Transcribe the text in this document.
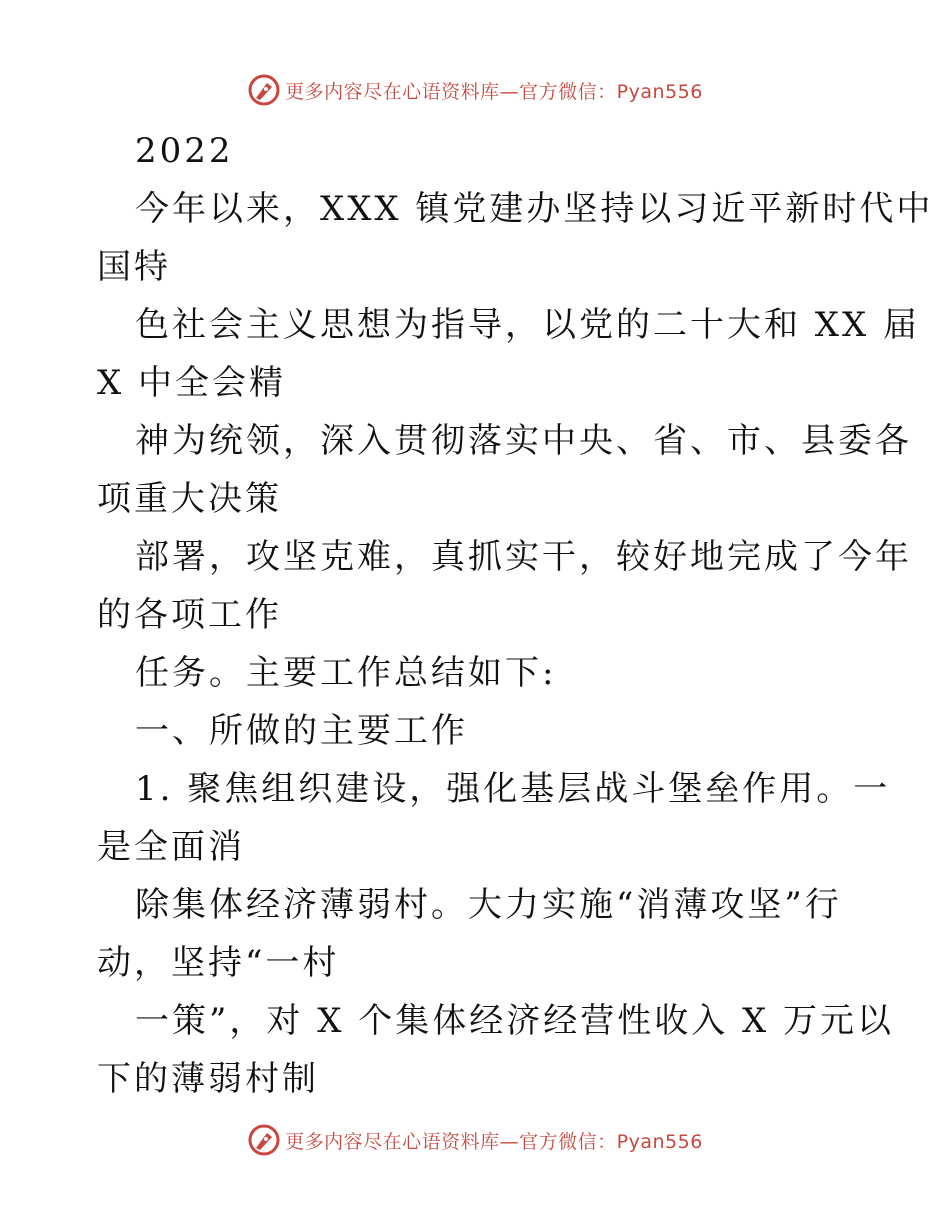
更多内容尽在心语资料库—官方微信：Pyan556
2022
今年以来，XXX 镇党建办坚持以习近平新时代中
国特
色社会主义思想为指导，以党的二十大和 XX 届
X 中全会精
神为统领，深入贯彻落实中央、省、市、县委各
项重大决策
部署，攻坚克难，真抓实干，较好地完成了今年
的各项工作
任务。主要工作总结如下:
一、所做的主要工作
1. 聚焦组织建设，强化基层战斗堡垒作用。一
是全面消
除集体经济薄弱村。大力实施“消薄攻坚”行
动，坚持“一村
一策”，对 X 个集体经济经营性收入 X 万元以
下的薄弱村制
更多内容尽在心语资料库—官方微信：Pyan556
